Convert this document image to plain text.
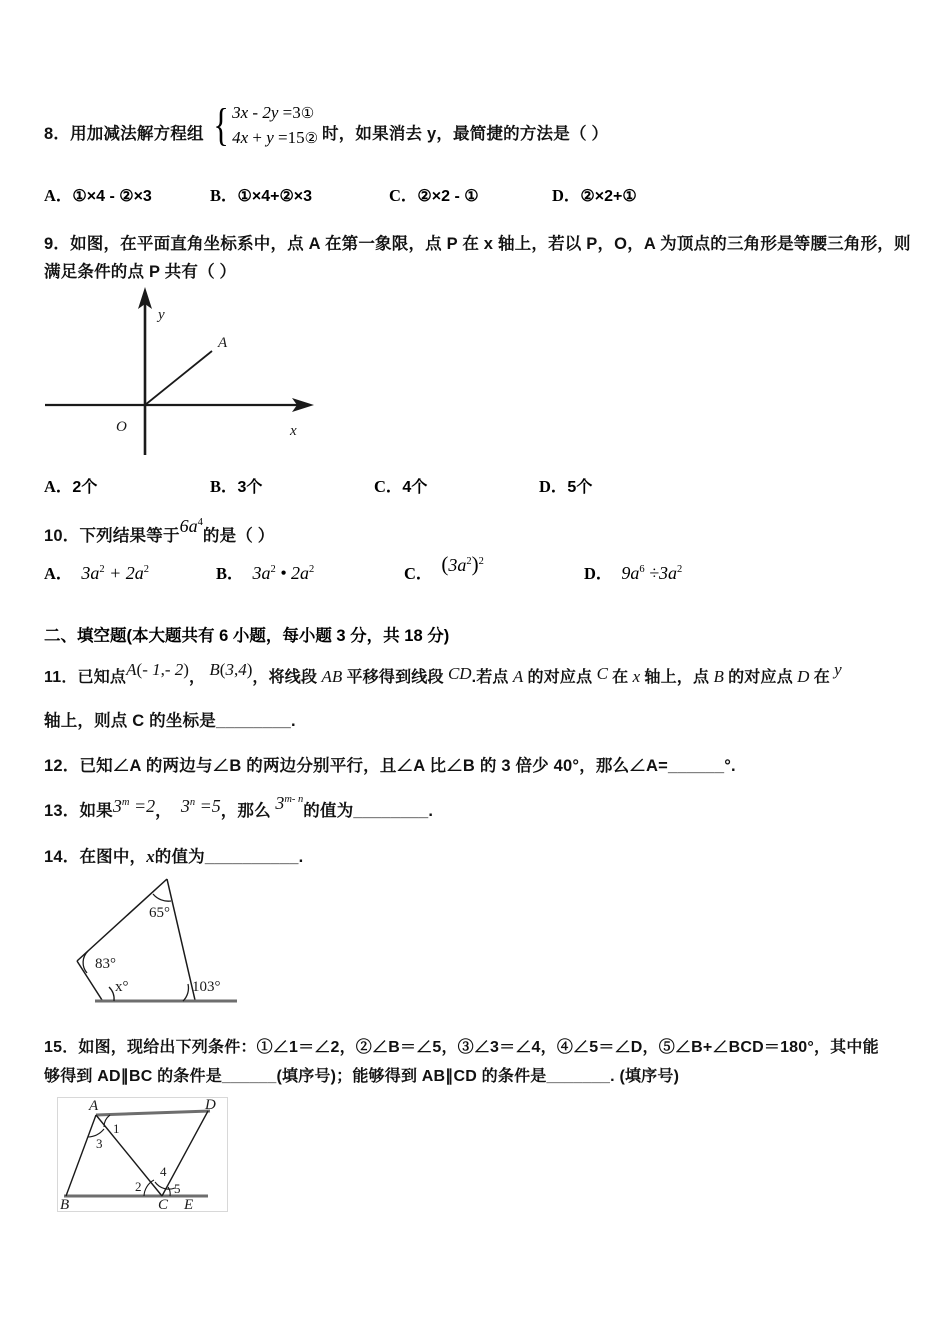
8．用加减法解方程组 { 3x - 2y =3①
4x + y =15② 时，如果消去 y，最简捷的方法是（ ）
A．①×4 - ②×3	B．①×4+②×3	C．②×2 - ①	D．②×2+①
9．如图，在平面直角坐标系中，点 A 在第一象限，点 P 在 x 轴上，若以 P，O，A 为顶点的三角形是等腰三角形，则
满足条件的点 P 共有（ ）
y
x
O
A
A．2个	B．3个	C．4个	D．5个
10．下列结果等于$6a^4$的是（ ）
A．  $3a^2 + 2a^2$	B．  $3a^2$ • $2a^2$	C． $(3a^2)^2$
D．  $9a^6 \div 3a^2$
二、填空题(本大题共有 6 小题，每小题 3 分，共 18 分)
11．已知点A(- 1,- 2)， B(3,4)，将线段 AB 平移得到线段 CD.若点 A 的对应点 C 在 x 轴上，点 B 的对应点 D 在 y
轴上，则点 C 的坐标是________.
12．已知∠A 的两边与∠B 的两边分别平行，且∠A 比∠B 的 3 倍少 40°，那么∠A=______°.
13．如果$3^m =2$，  $3^n =5$，那么 3$^{m- n}$的值为________.
14．在图中，x的值为__________.
65°
83°
x°	103°
15．如图，现给出下列条件：①∠1＝∠2，②∠B＝∠5，③∠3＝∠4，④∠5＝∠D，⑤∠B+∠BCD＝180°，其中能
够得到 AD∥BC 的条件是______(填序号)；能够得到 AB∥CD 的条件是_______. (填序号)
A	D
B	C E
1
3
2
4
5
